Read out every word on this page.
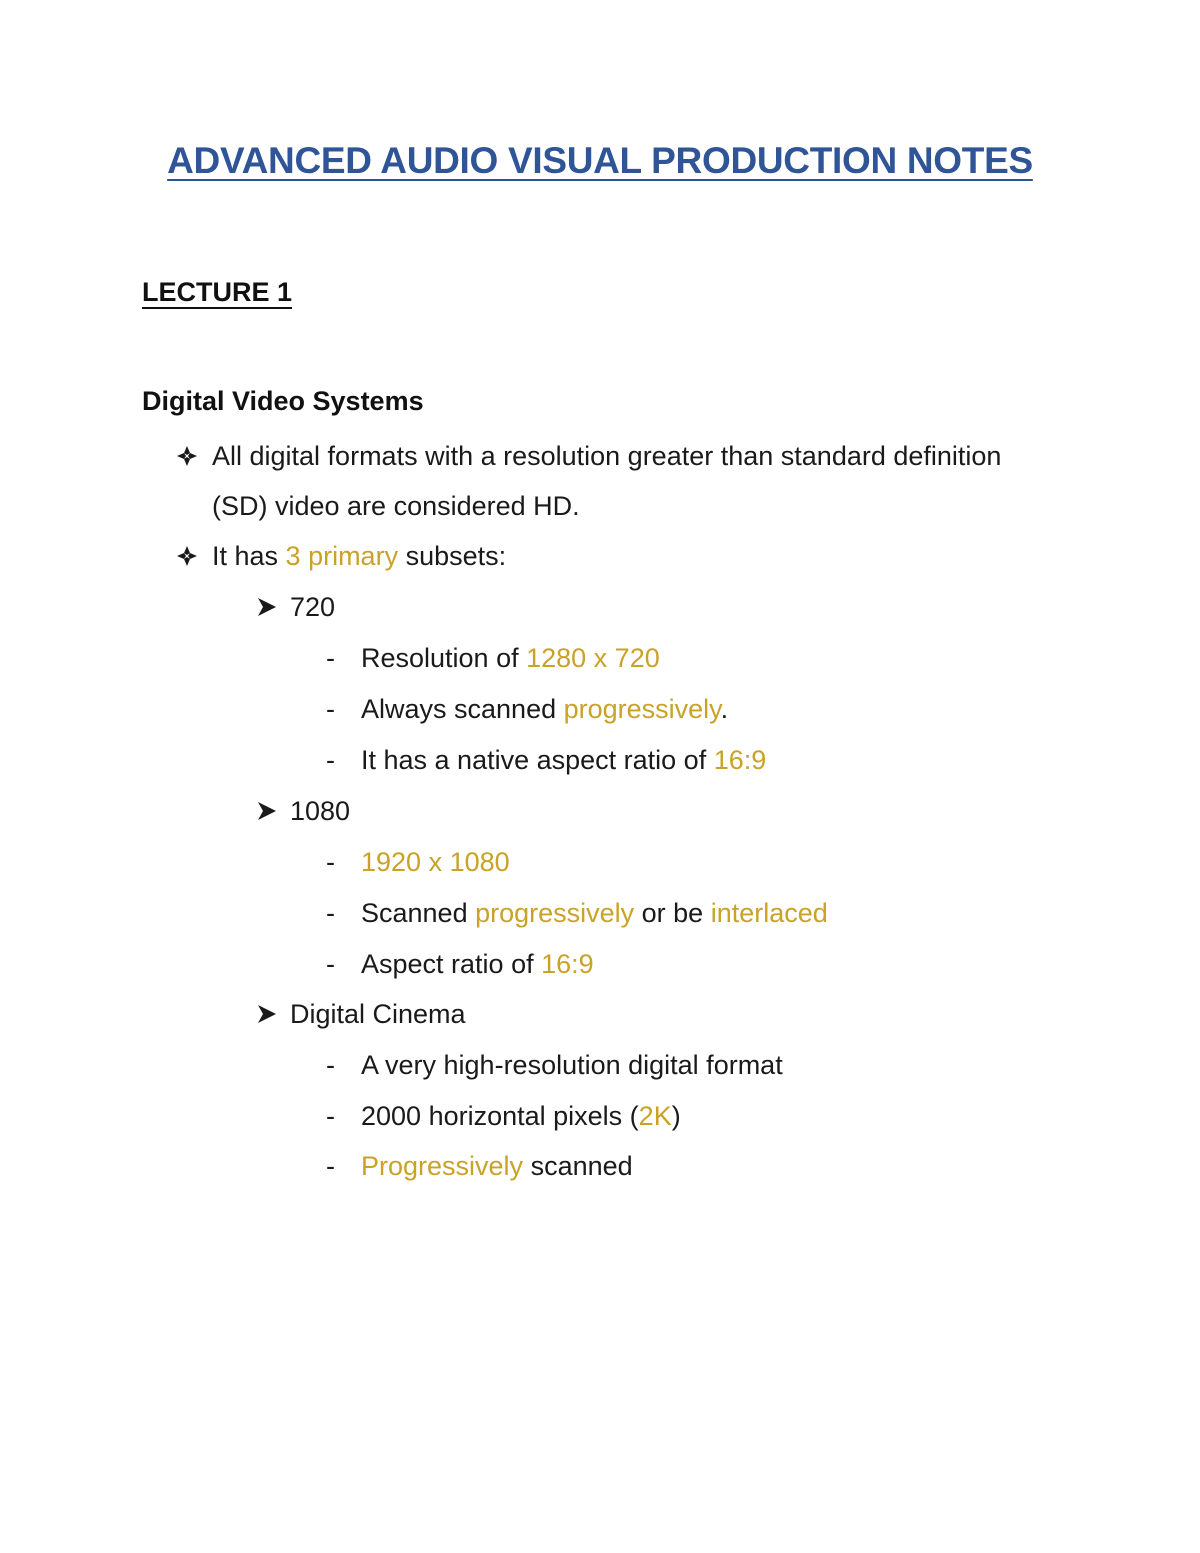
ADVANCED AUDIO VISUAL PRODUCTION NOTES
LECTURE 1
Digital Video Systems
All digital formats with a resolution greater than standard definition
(SD) video are considered HD.
It has 3 primary subsets:
720
- Resolution of 1280 x 720
- Always scanned progressively.
- It has a native aspect ratio of 16:9
1080
- 1920 x 1080
- Scanned progressively or be interlaced
- Aspect ratio of 16:9
Digital Cinema
- A very high-resolution digital format
- 2000 horizontal pixels (2K)
- Progressively scanned
